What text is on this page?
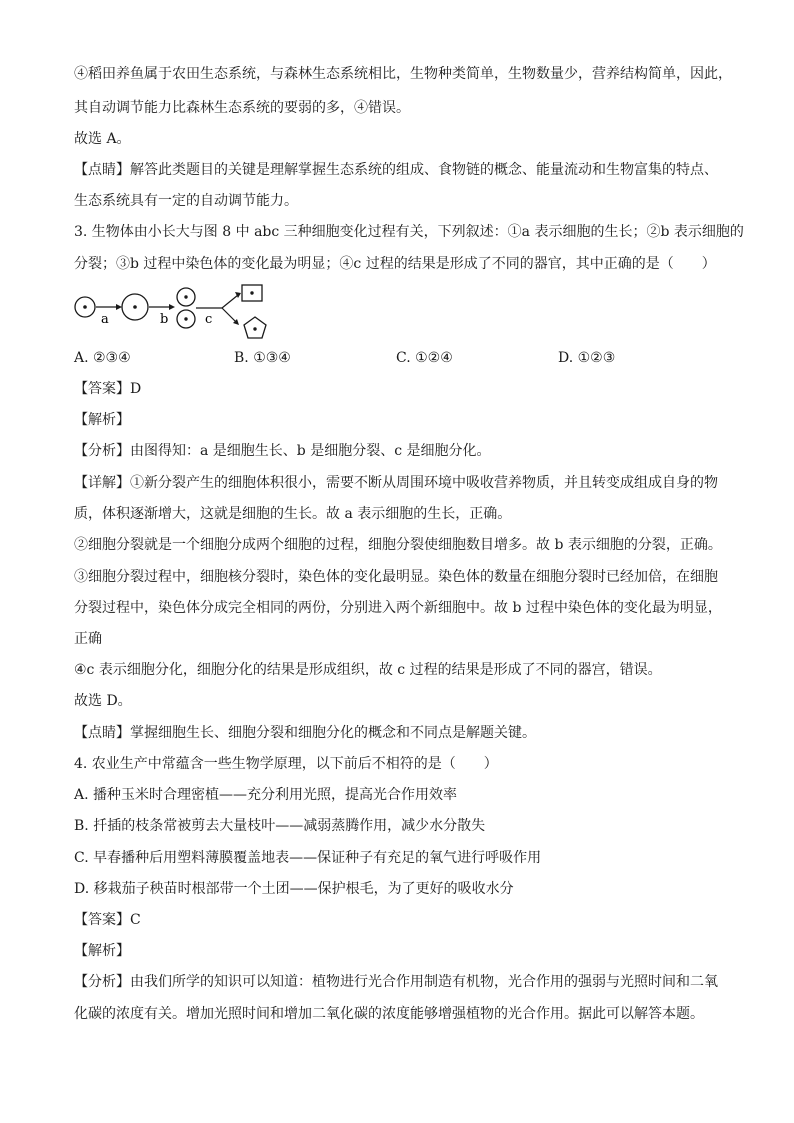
④稻田养鱼属于农田生态系统，与森林生态系统相比，生物种类简单，生物数量少，营养结构简单，因此，
其自动调节能力比森林生态系统的要弱的多，④错误。
故选 A。
【点睛】解答此类题目的关键是理解掌握生态系统的组成、食物链的概念、能量流动和生物富集的特点、
生态系统具有一定的自动调节能力。
3. 生物体由小长大与图 8 中 abc 三种细胞变化过程有关，下列叙述：①a 表示细胞的生长；②b 表示细胞的
分裂；③b 过程中染色体的变化最为明显；④c 过程的结果是形成了不同的器官，其中正确的是（　　）
a	b	c
A. ②③④	B. ①③④	C. ①②④	D. ①②③
【答案】D
【解析】
【分析】由图得知：a 是细胞生长、b 是细胞分裂、c 是细胞分化。
【详解】①新分裂产生的细胞体积很小，需要不断从周围环境中吸收营养物质，并且转变成组成自身的物
质，体积逐渐增大，这就是细胞的生长。故 a 表示细胞的生长，正确。
②细胞分裂就是一个细胞分成两个细胞的过程，细胞分裂使细胞数目增多。故 b 表示细胞的分裂，正确。
③细胞分裂过程中，细胞核分裂时，染色体的变化最明显。染色体的数量在细胞分裂时已经加倍，在细胞
分裂过程中，染色体分成完全相同的两份，分别进入两个新细胞中。故 b 过程中染色体的变化最为明显，
正确
④c 表示细胞分化，细胞分化的结果是形成组织，故 c 过程的结果是形成了不同的器宫，错误。
故选 D。
【点睛】掌握细胞生长、细胞分裂和细胞分化的概念和不同点是解题关键。
4. 农业生产中常蕴含一些生物学原理，以下前后不相符的是（　　）
A. 播种玉米时合理密植——充分利用光照，提高光合作用效率
B. 扦插的枝条常被剪去大量枝叶——减弱蒸腾作用，减少水分散失
C. 早春播种后用塑料薄膜覆盖地表——保证种子有充足的氧气进行呼吸作用
D. 移栽茄子秧苗时根部带一个土团——保护根毛，为了更好的吸收水分
【答案】C
【解析】
【分析】由我们所学的知识可以知道：植物进行光合作用制造有机物，光合作用的强弱与光照时间和二氧
化碳的浓度有关。增加光照时间和增加二氧化碳的浓度能够增强植物的光合作用。据此可以解答本题。
